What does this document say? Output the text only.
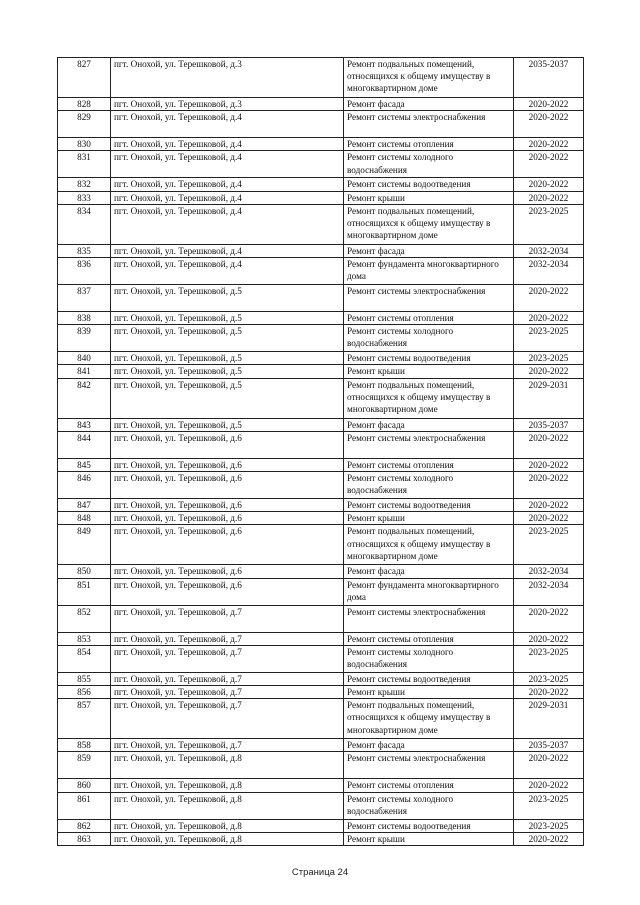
827	пгт. Онохой, ул. Терешковой, д.3	Ремонт подвальных помещений, относящихся к общему имуществу в многоквартирном доме	2035-2037
828	пгт. Онохой, ул. Терешковой, д.3	Ремонт фасада	2020-2022
829	пгт. Онохой, ул. Терешковой, д.4	Ремонт системы электроснабжения	2020-2022
830	пгт. Онохой, ул. Терешковой, д.4	Ремонт системы отопления	2020-2022
831	пгт. Онохой, ул. Терешковой, д.4	Ремонт системы холодного водоснабжения	2020-2022
832	пгт. Онохой, ул. Терешковой, д.4	Ремонт системы водоотведения	2020-2022
833	пгт. Онохой, ул. Терешковой, д.4	Ремонт крыши	2020-2022
834	пгт. Онохой, ул. Терешковой, д.4	Ремонт подвальных помещений, относящихся к общему имуществу в многоквартирном доме	2023-2025
835	пгт. Онохой, ул. Терешковой, д.4	Ремонт фасада	2032-2034
836	пгт. Онохой, ул. Терешковой, д.4	Ремонт фундамента многоквартирного дома	2032-2034
837	пгт. Онохой, ул. Терешковой, д.5	Ремонт системы электроснабжения	2020-2022
838	пгт. Онохой, ул. Терешковой, д.5	Ремонт системы отопления	2020-2022
839	пгт. Онохой, ул. Терешковой, д.5	Ремонт системы холодного водоснабжения	2023-2025
840	пгт. Онохой, ул. Терешковой, д.5	Ремонт системы водоотведения	2023-2025
841	пгт. Онохой, ул. Терешковой, д.5	Ремонт крыши	2020-2022
842	пгт. Онохой, ул. Терешковой, д.5	Ремонт подвальных помещений, относящихся к общему имуществу в многоквартирном доме	2029-2031
843	пгт. Онохой, ул. Терешковой, д.5	Ремонт фасада	2035-2037
844	пгт. Онохой, ул. Терешковой, д.6	Ремонт системы электроснабжения	2020-2022
845	пгт. Онохой, ул. Терешковой, д.6	Ремонт системы отопления	2020-2022
846	пгт. Онохой, ул. Терешковой, д.6	Ремонт системы холодного водоснабжения	2020-2022
847	пгт. Онохой, ул. Терешковой, д.6	Ремонт системы водоотведения	2020-2022
848	пгт. Онохой, ул. Терешковой, д.6	Ремонт крыши	2020-2022
849	пгт. Онохой, ул. Терешковой, д.6	Ремонт подвальных помещений, относящихся к общему имуществу в многоквартирном доме	2023-2025
850	пгт. Онохой, ул. Терешковой, д.6	Ремонт фасада	2032-2034
851	пгт. Онохой, ул. Терешковой, д.6	Ремонт фундамента многоквартирного дома	2032-2034
852	пгт. Онохой, ул. Терешковой, д.7	Ремонт системы электроснабжения	2020-2022
853	пгт. Онохой, ул. Терешковой, д.7	Ремонт системы отопления	2020-2022
854	пгт. Онохой, ул. Терешковой, д.7	Ремонт системы холодного водоснабжения	2023-2025
855	пгт. Онохой, ул. Терешковой, д.7	Ремонт системы водоотведения	2023-2025
856	пгт. Онохой, ул. Терешковой, д.7	Ремонт крыши	2020-2022
857	пгт. Онохой, ул. Терешковой, д.7	Ремонт подвальных помещений, относящихся к общему имуществу в многоквартирном доме	2029-2031
858	пгт. Онохой, ул. Терешковой, д.7	Ремонт фасада	2035-2037
859	пгт. Онохой, ул. Терешковой, д.8	Ремонт системы электроснабжения	2020-2022
860	пгт. Онохой, ул. Терешковой, д.8	Ремонт системы отопления	2020-2022
861	пгт. Онохой, ул. Терешковой, д.8	Ремонт системы холодного водоснабжения	2023-2025
862	пгт. Онохой, ул. Терешковой, д.8	Ремонт системы водоотведения	2023-2025
863	пгт. Онохой, ул. Терешковой, д.8	Ремонт крыши	2020-2022
Страница 24
